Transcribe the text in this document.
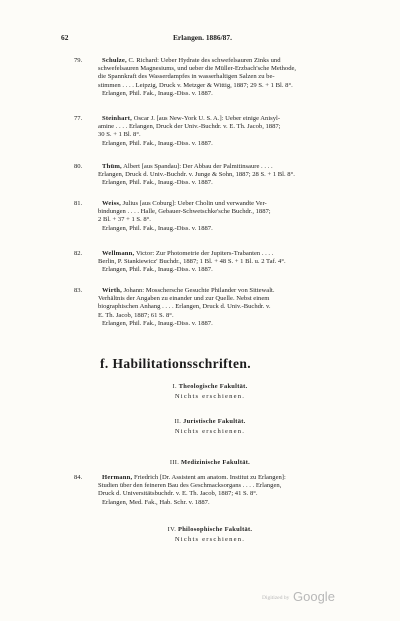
62	Erlangen. 1886/87.
79.	Schulze, C. Richard: Ueber Hydrate des schwefelsauren Zinks und
schwefelsauren Magnesiums, und ueber die Müller-Erzbach'sche Methode,
die Spannkraft des Wasserdampfes in wasserhaltigen Salzen zu be-
stimmen . . . . Leipzig, Druck v. Metzger & Wittig, 1887; 29 S. + 1 Bl. 8°.
Erlangen, Phil. Fak., Inaug.-Diss. v. 1887.
77.	Steinhart, Oscar J. [aus New-York U. S. A.]: Ueber einige Anisyl-
amine . . . . Erlangen, Druck der Univ.-Buchdr. v. E. Th. Jacob, 1887;
30 S. + 1 Bl. 8°.
Erlangen, Phil. Fak., Inaug.-Diss. v. 1887.
80.	Thüm, Albert [aus Spandau]: Der Abbau der Palmitinsaure . . . .
Erlangen, Druck d. Univ.-Buchdr. v. Junge & Sohn, 1887; 28 S. + 1 Bl. 8°.
Erlangen, Phil. Fak., Inaug.-Diss. v. 1887.
81.	Weiss, Julius [aus Coburg]: Ueber Cholin und verwandte Ver-
bindungen . . . . Halle, Gebauer-Schwetschke'sche Buchdr., 1887;
2 Bl. + 37 + 1 S. 8°.
Erlangen, Phil. Fak., Inaug.-Diss. v. 1887.
82.	Wellmann, Victor: Zur Photometrie der Jupiters-Trabanten . . . .
Berlin, P. Stankiewicz' Buchdr., 1887; 1 Bl. + 48 S. + 1 Bl. u. 2 Taf. 4°.
Erlangen, Phil. Fak., Inaug.-Diss. v. 1887.
83.	Wirth, Johann: Mosschersche Gesuchte Philander von Sittewalt.
Verhältnis der Angaben zu einander und zur Quelle. Nebst einem
biographischen Anhang . . . . Erlangen, Druck d. Univ.-Buchdr. v.
E. Th. Jacob, 1887; 61 S. 8°.
Erlangen, Phil. Fak., Inaug.-Diss. v. 1887.
f. Habilitationsschriften.
I. Theologische Fakultät.
Nichts erschienen.
II. Juristische Fakultät.
Nichts erschienen.
III. Medizinische Fakultät.
84.	Hermann, Friedrich [Dr. Assistent am anatom. Institut zu Erlangen]:
Studien über den feineren Bau des Geschmacksorgans . . . . Erlangen,
Druck d. Universitätsbuchdr. v. E. Th. Jacob, 1887; 41 S. 8°.
Erlangen, Med. Fak., Hab. Schr. v. 1887.
IV. Philosophische Fakultät.
Nichts erschienen.
$^{Digitized by}$ Google
